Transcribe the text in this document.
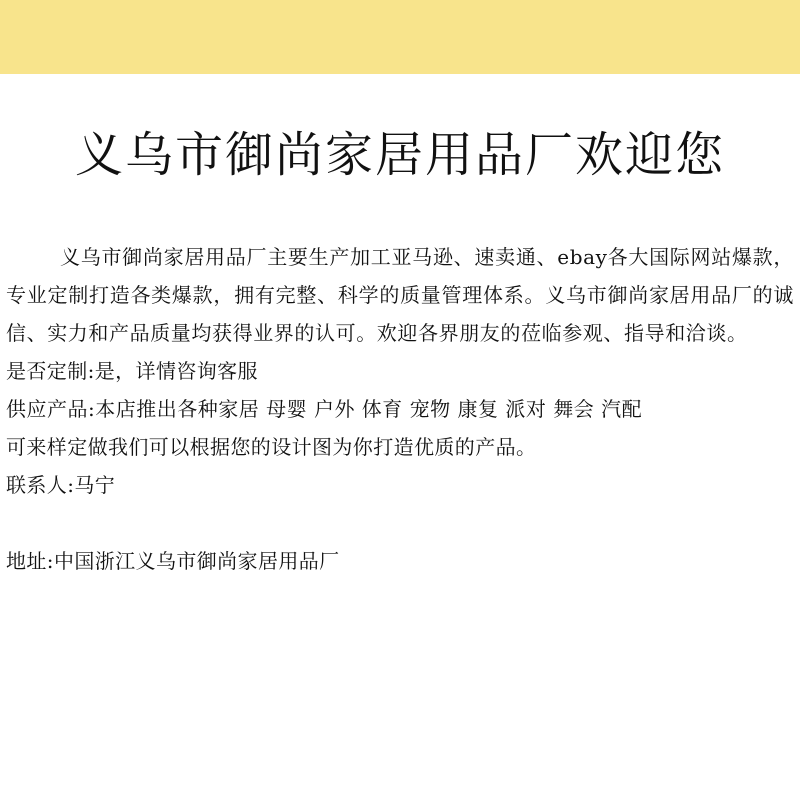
义乌市御尚家居用品厂欢迎您

义乌市御尚家居用品厂主要生产加工亚马逊、速卖通、ebay各大国际网站爆款，专业定制打造各类爆款，拥有完整、科学的质量管理体系。义乌市御尚家居用品厂的诚信、实力和产品质量均获得业界的认可。欢迎各界朋友的莅临参观、指导和洽谈。

是否定制:是，详情咨询客服

供应产品:本店推出各种家居 母婴 户外 体育 宠物 康复 派对 舞会 汽配

可来样定做我们可以根据您的设计图为你打造优质的产品。

联系人:马宁

地址:中国浙江义乌市御尚家居用品厂
